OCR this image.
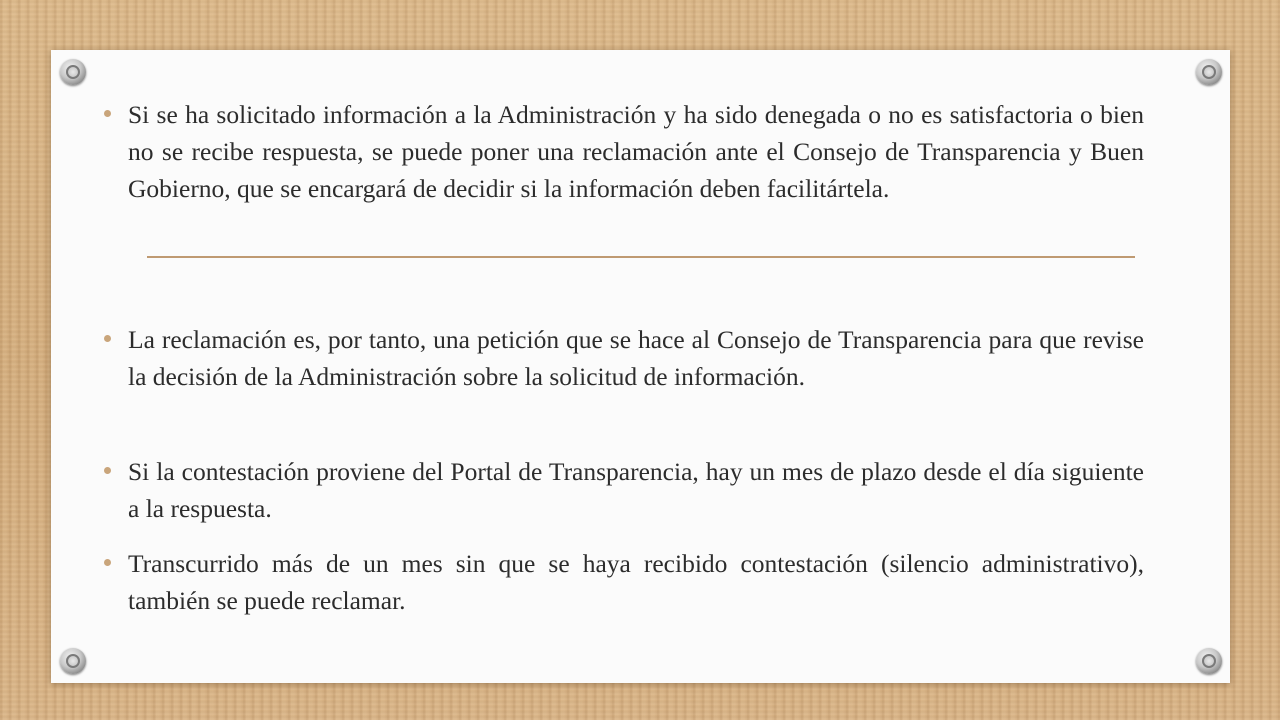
Si se ha solicitado información a la Administración y ha sido denegada o no es satisfactoria o bien no se recibe respuesta, se puede poner una reclamación ante el Consejo de Transparencia y Buen Gobierno, que se encargará de decidir si la información deben facilitártela.

La reclamación es, por tanto, una petición que se hace al Consejo de Transparencia para que revise la decisión de la Administración sobre la solicitud de información.

Si la contestación proviene del Portal de Transparencia, hay un mes de plazo desde el día siguiente a la respuesta.

Transcurrido más de un mes sin que se haya recibido contestación (silencio administrativo), también se puede reclamar.
